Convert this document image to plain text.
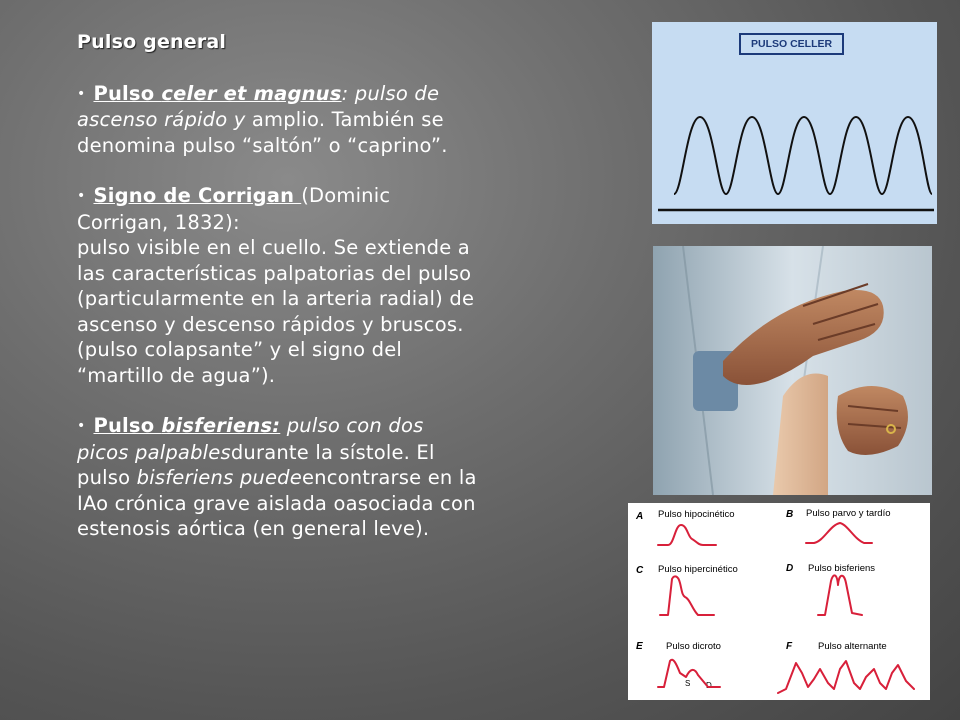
Pulso general
• Pulso celer et magnus: pulso de ascenso rápido y amplio. También se denomina pulso “saltón” o “caprino”.
• Signo de Corrigan (Dominic Corrigan, 1832):
pulso visible en el cuello. Se extiende a las características palpatorias del pulso (particularmente en la arteria radial) de ascenso y descenso rápidos y bruscos.(pulso colapsante” y el signo del “martillo de agua”).
• Pulso bisferiens: pulso con dos picos palpablesdurante la sístole. El pulso bisferiens puedeencontrarse en la IAo crónica grave aislada oasociada con estenosis aórtica (en general leve).
PULSO CELLER
A Pulso hipocinético	B Pulso parvo y tardío
C Pulso hipercinético	D Pulso bisferiens
E Pulso dicroto
S D
F	Pulso alternante
